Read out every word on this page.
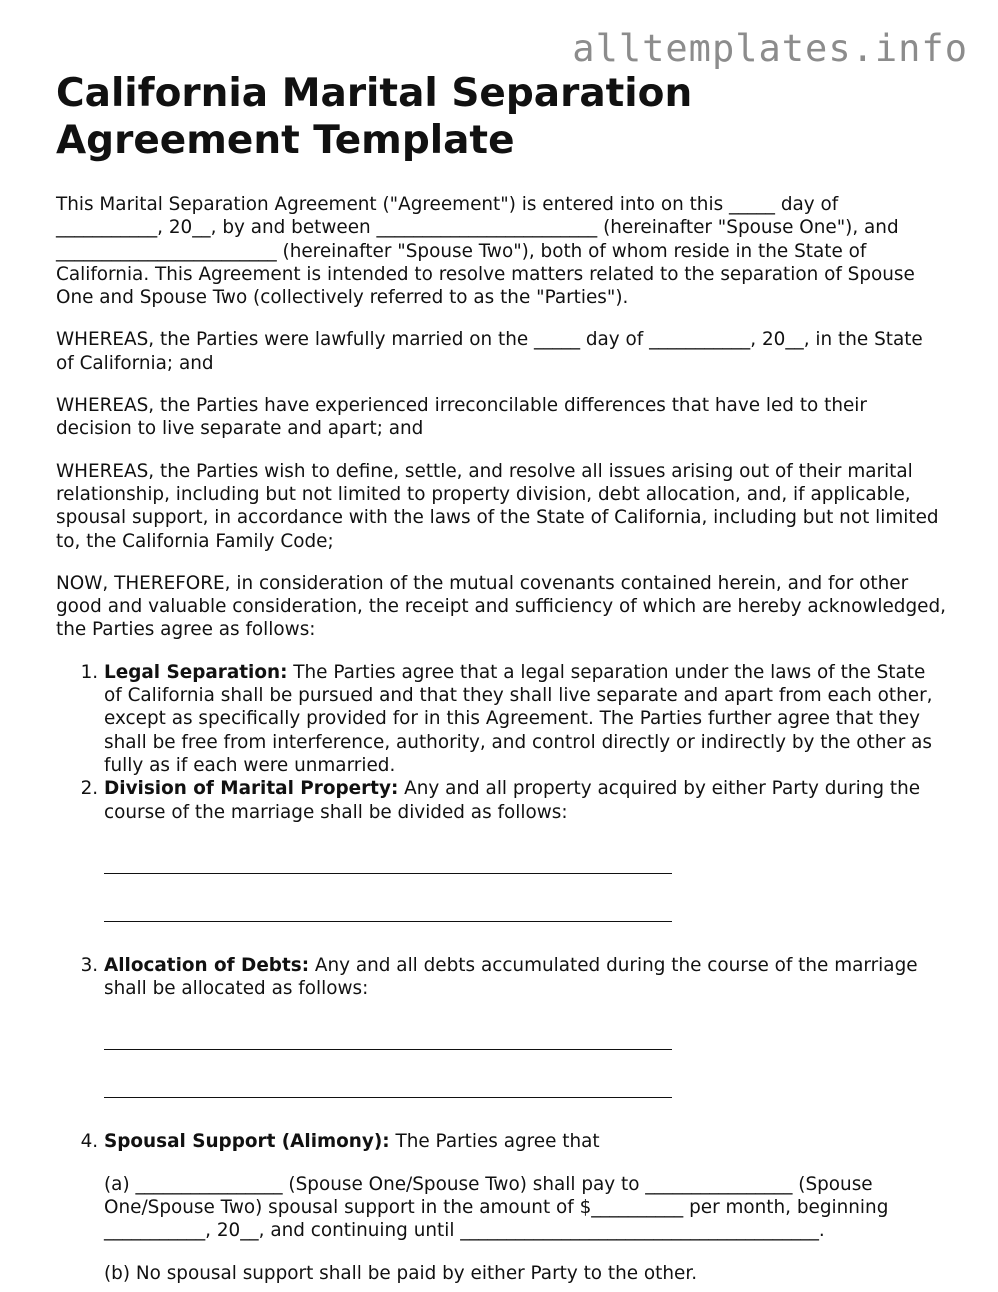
alltemplates.info
California Marital Separation Agreement Template

This Marital Separation Agreement ("Agreement") is entered into on this _____ day of ___________, 20__, by and between ________________________ (hereinafter "Spouse One"), and ________________________ (hereinafter "Spouse Two"), both of whom reside in the State of California. This Agreement is intended to resolve matters related to the separation of Spouse One and Spouse Two (collectively referred to as the "Parties").

WHEREAS, the Parties were lawfully married on the _____ day of ___________, 20__, in the State of California; and

WHEREAS, the Parties have experienced irreconcilable differences that have led to their decision to live separate and apart; and

WHEREAS, the Parties wish to define, settle, and resolve all issues arising out of their marital relationship, including but not limited to property division, debt allocation, and, if applicable, spousal support, in accordance with the laws of the State of California, including but not limited to, the California Family Code;

NOW, THEREFORE, in consideration of the mutual covenants contained herein, and for other good and valuable consideration, the receipt and sufficiency of which are hereby acknowledged, the Parties agree as follows:

1. Legal Separation: The Parties agree that a legal separation under the laws of the State of California shall be pursued and that they shall live separate and apart from each other, except as specifically provided for in this Agreement. The Parties further agree that they shall be free from interference, authority, and control directly or indirectly by the other as fully as if each were unmarried.
2. Division of Marital Property: Any and all property acquired by either Party during the course of the marriage shall be divided as follows:
3. Allocation of Debts: Any and all debts accumulated during the course of the marriage shall be allocated as follows:
4. Spousal Support (Alimony): The Parties agree that

(a) ________________ (Spouse One/Spouse Two) shall pay to ________________ (Spouse One/Spouse Two) spousal support in the amount of $__________ per month, beginning ___________, 20__, and continuing until _______________________________________.

(b) No spousal support shall be paid by either Party to the other.
